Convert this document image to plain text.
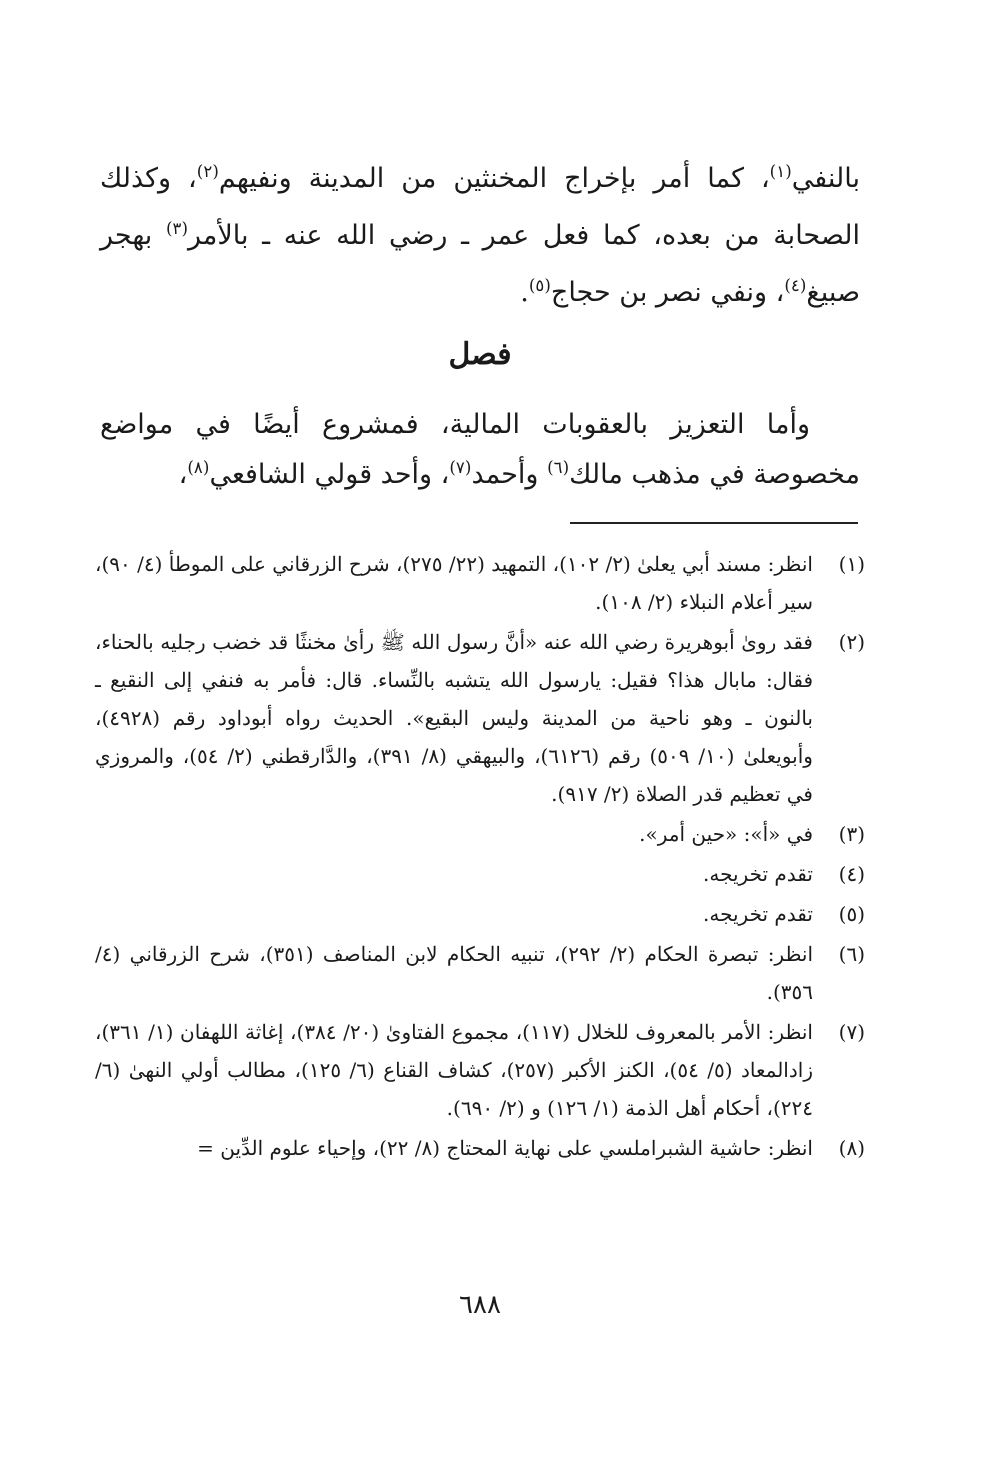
بالنفي$^{(١)}$، كما أمر بإخراج المخنثين من المدينة ونفيهم$^{(٢)}$، وكذلك الصحابة من بعده، كما فعل عمر ـ رضي الله عنه ـ بالأمر$^{(٣)}$ بهجر صبيغ$^{(٤)}$، ونفي نصر بن حجاج$^{(٥)}$.

فصل
وأما التعزيز بالعقوبات المالية، فمشروع أيضًا في مواضع مخصوصة في مذهب مالك$^{(٦)}$ وأحمد$^{(٧)}$، وأحد قولي الشافعي$^{(٨)}$،
(١)
انظر: مسند أبي يعلىٰ (٢/ ١٠٢)، التمهيد (٢٢/ ٢٧٥)، شرح الزرقاني على الموطأ (٤/ ٩٠)، سير أعلام النبلاء (٢/ ١٠٨).
(٢)
فقد روىٰ أبوهريرة رضي الله عنه «أنَّ رسول الله ﷺ رأىٰ مخنثًا قد خضب رجليه بالحناء، فقال: مابال هذا؟ فقيل: يارسول الله يتشبه بالنِّساء. قال: فأمر به فنفي إلى النقيع ـ بالنون ـ وهو ناحية من المدينة وليس البقيع». الحديث رواه أبوداود رقم (٤٩٢٨)، وأبويعلىٰ (١٠/ ٥٠٩) رقم (٦١٢٦)، والبيهقي (٨/ ٣٩١)، والدَّارقطني (٢/ ٥٤)، والمروزي في تعظيم قدر الصلاة (٢/ ٩١٧).
(٣)
في «أ»: «حين أمر».
(٤)
تقدم تخريجه.
(٥)
تقدم تخريجه.
(٦)
انظر: تبصرة الحكام (٢/ ٢٩٢)، تنبيه الحكام لابن المناصف (٣٥١)، شرح الزرقاني (٤/ ٣٥٦).
(٧)
انظر: الأمر بالمعروف للخلال (١١٧)، مجموع الفتاوىٰ (٢٠/ ٣٨٤)، إغاثة اللهفان (١/ ٣٦١)، زادالمعاد (٥/ ٥٤)، الكنز الأكبر (٢٥٧)، كشاف القناع (٦/ ١٢٥)، مطالب أولي النهىٰ (٦/ ٢٢٤)، أحكام أهل الذمة (١/ ١٢٦) و (٢/ ٦٩٠).
(٨)
انظر: حاشية الشبراملسي على نهاية المحتاج (٨/ ٢٢)، وإحياء علوم الدِّين =
٦٨٨
